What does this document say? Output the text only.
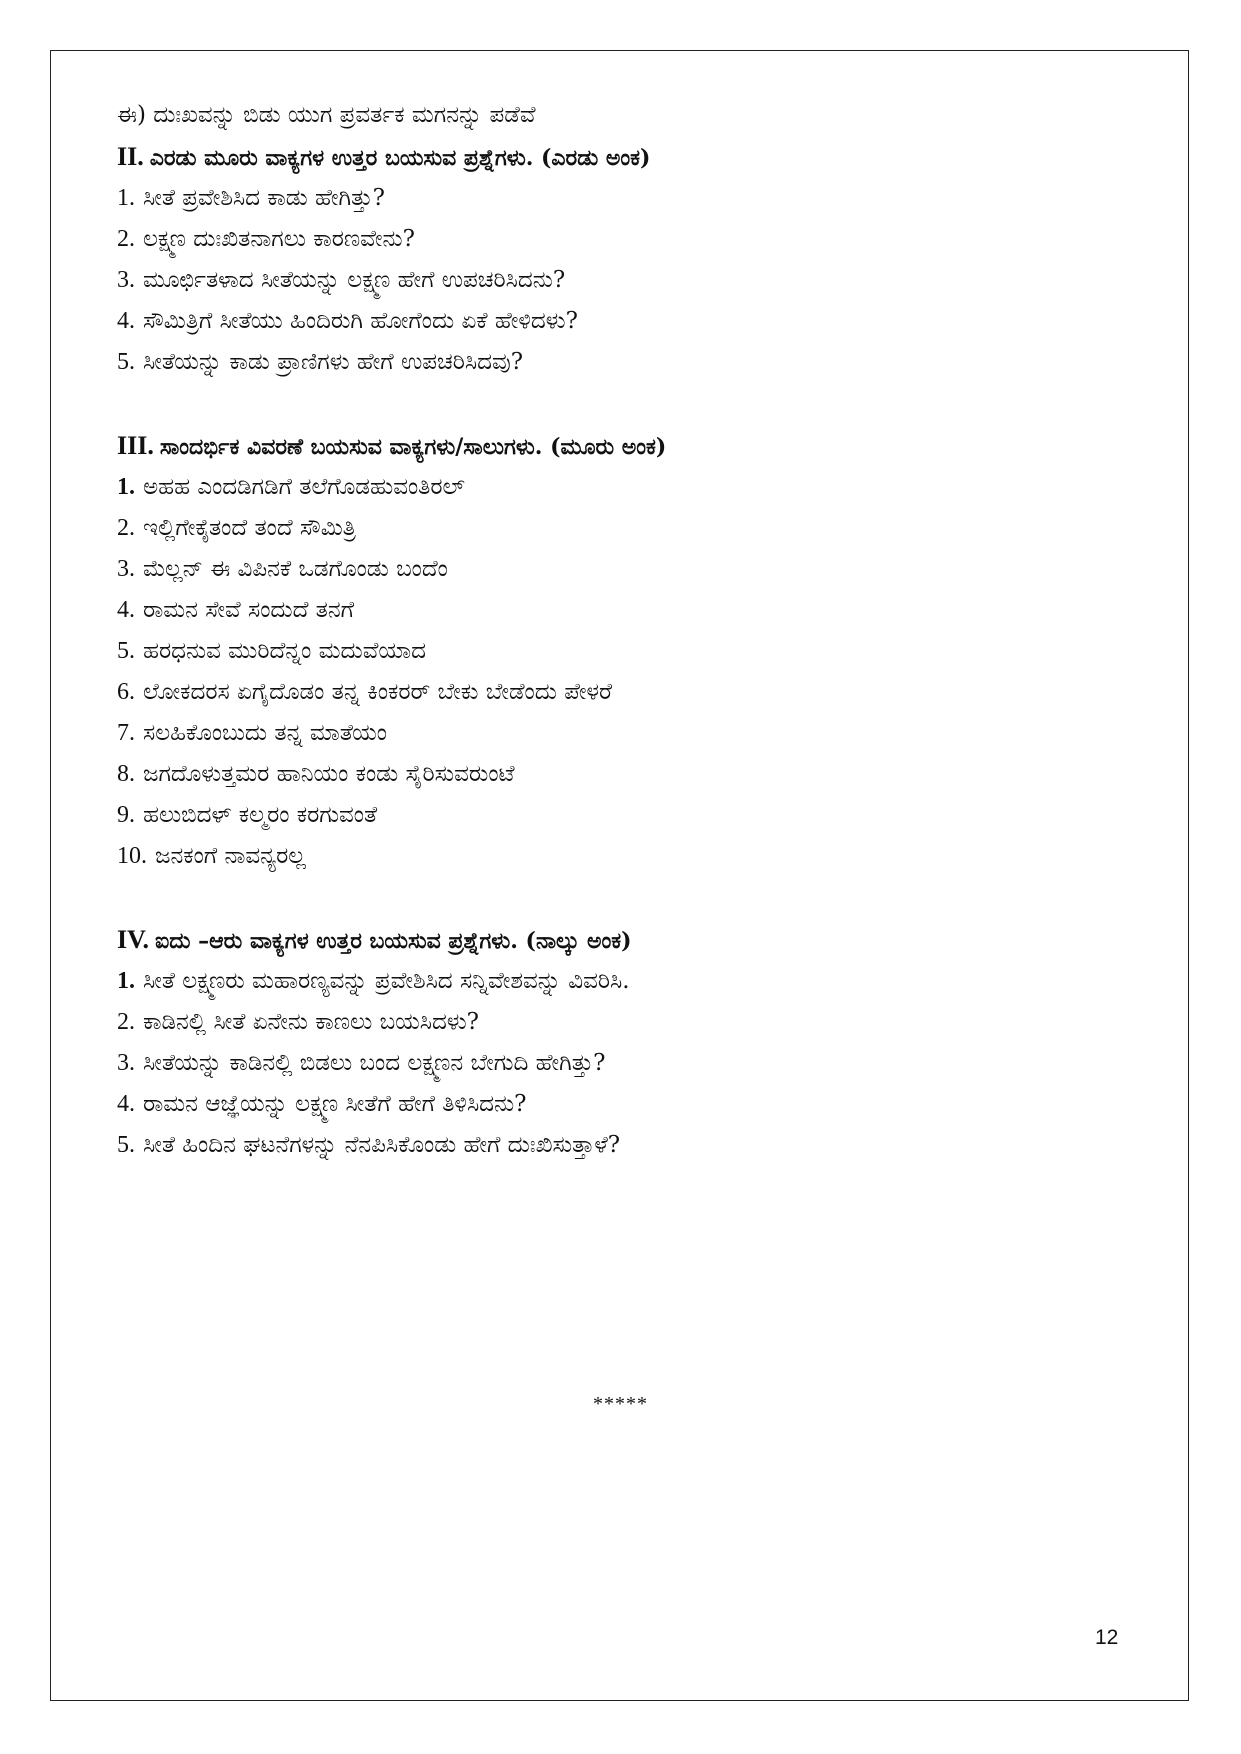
ಈ) ದುಃಖವನ್ನು ಬಿಡು ಯುಗ ಪ್ರವರ್ತಕ ಮಗನನ್ನು ಪಡೆವೆ
II. ಎರಡು ಮೂರು ವಾಕ್ಯಗಳ ಉತ್ತರ ಬಯಸುವ ಪ್ರಶ್ನೆಗಳು. (ಎರಡು ಅಂಕ)
1. ಸೀತೆ ಪ್ರವೇಶಿಸಿದ ಕಾಡು ಹೇಗಿತ್ತು?
2. ಲಕ್ಷ್ಮಣ ದುಃಖಿತನಾಗಲು ಕಾರಣವೇನು?
3. ಮೂರ್ಛಿತಳಾದ ಸೀತೆಯನ್ನು ಲಕ್ಷ್ಮಣ ಹೇಗೆ ಉಪಚರಿಸಿದನು?
4. ಸೌಮಿತ್ರಿಗೆ ಸೀತೆಯು ಹಿಂದಿರುಗಿ ಹೋಗೆಂದು ಏಕೆ ಹೇಳಿದಳು?
5. ಸೀತೆಯನ್ನು ಕಾಡು ಪ್ರಾಣಿಗಳು ಹೇಗೆ ಉಪಚರಿಸಿದವು?
III. ಸಾಂದರ್ಭಿಕ ವಿವರಣೆ ಬಯಸುವ ವಾಕ್ಯಗಳು/ಸಾಲುಗಳು. (ಮೂರು ಅಂಕ)
1. ಅಹಹ ಎಂದಡಿಗಡಿಗೆ ತಲೆಗೊಡಹುವಂತಿರಲ್
2. ಇಲ್ಲಿಗೇಕೈತಂದೆ ತಂದೆ ಸೌಮಿತ್ರಿ
3. ಮೆಲ್ಲನ್ ಈ ವಿಪಿನಕೆ ಒಡಗೊಂಡು ಬಂದೆಂ
4. ರಾಮನ ಸೇವೆ ಸಂದುದೆ ತನಗೆ
5. ಹರಧನುವ ಮುರಿದೆನ್ನಂ ಮದುವೆಯಾದ
6. ಲೋಕದರಸ ಏಗೈದೊಡಂ ತನ್ನ ಕಿಂಕರರ್ ಬೇಕು ಬೇಡೆಂದು ಪೇಳರೆ
7. ಸಲಹಿಕೊಂಬುದು ತನ್ನ ಮಾತೆಯಂ
8. ಜಗದೊಳುತ್ತಮರ ಹಾನಿಯಂ ಕಂಡು ಸೈರಿಸುವರುಂಟೆ
9. ಹಲುಬಿದಳ್ ಕಲ್ಮರಂ ಕರಗುವಂತೆ
10. ಜನಕಂಗೆ ನಾವನ್ಯರಲ್ಲ
IV. ಐದು –ಆರು ವಾಕ್ಯಗಳ ಉತ್ತರ ಬಯಸುವ ಪ್ರಶ್ನೆಗಳು. (ನಾಲ್ಕು ಅಂಕ)
1. ಸೀತೆ ಲಕ್ಷ್ಮಣರು ಮಹಾರಣ್ಯವನ್ನು ಪ್ರವೇಶಿಸಿದ ಸನ್ನಿವೇಶವನ್ನು ವಿವರಿಸಿ.
2. ಕಾಡಿನಲ್ಲಿ ಸೀತೆ ಏನೇನು ಕಾಣಲು ಬಯಸಿದಳು?
3. ಸೀತೆಯನ್ನು ಕಾಡಿನಲ್ಲಿ ಬಿಡಲು ಬಂದ ಲಕ್ಷ್ಮಣನ ಬೇಗುದಿ ಹೇಗಿತ್ತು?
4. ರಾಮನ ಆಜ್ಞೆಯನ್ನು ಲಕ್ಷ್ಮಣ ಸೀತೆಗೆ ಹೇಗೆ ತಿಳಿಸಿದನು?
5. ಸೀತೆ ಹಿಂದಿನ ಘಟನೆಗಳನ್ನು ನೆನಪಿಸಿಕೊಂಡು ಹೇಗೆ ದುಃಖಿಸುತ್ತಾಳೆ?
*****
12
